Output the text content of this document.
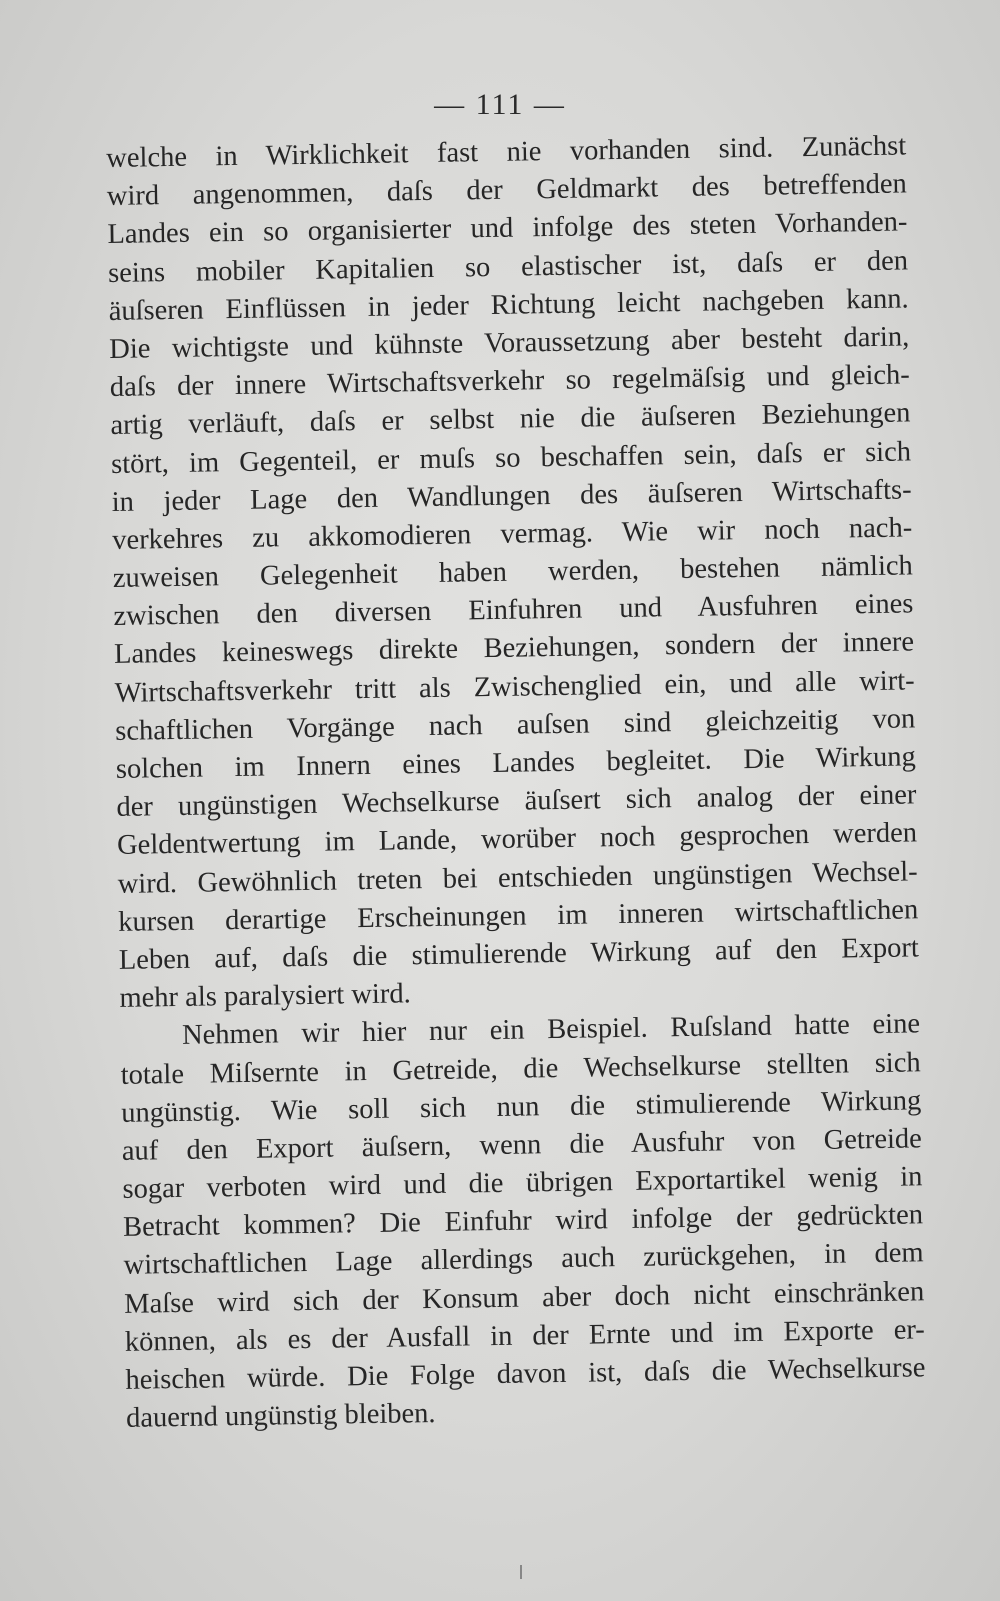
— 111 —
welche in Wirklichkeit fast nie vorhanden sind. Zunächst
wird angenommen, daſs der Geldmarkt des betreffenden
Landes ein so organisierter und infolge des steten Vorhanden-
seins mobiler Kapitalien so elastischer ist, daſs er den
äuſseren Einflüssen in jeder Richtung leicht nachgeben kann.
Die wichtigste und kühnste Voraussetzung aber besteht darin,
daſs der innere Wirtschaftsverkehr so regelmäſsig und gleich-
artig verläuft, daſs er selbst nie die äuſseren Beziehungen
stört, im Gegenteil, er muſs so beschaffen sein, daſs er sich
in jeder Lage den Wandlungen des äuſseren Wirtschafts-
verkehres zu akkomodieren vermag. Wie wir noch nach-
zuweisen Gelegenheit haben werden, bestehen nämlich
zwischen den diversen Einfuhren und Ausfuhren eines
Landes keineswegs direkte Beziehungen, sondern der innere
Wirtschaftsverkehr tritt als Zwischenglied ein, und alle wirt-
schaftlichen Vorgänge nach auſsen sind gleichzeitig von
solchen im Innern eines Landes begleitet. Die Wirkung
der ungünstigen Wechselkurse äuſsert sich analog der einer
Geldentwertung im Lande, worüber noch gesprochen werden
wird. Gewöhnlich treten bei entschieden ungünstigen Wechsel-
kursen derartige Erscheinungen im inneren wirtschaftlichen
Leben auf, daſs die stimulierende Wirkung auf den Export
mehr als paralysiert wird.
Nehmen wir hier nur ein Beispiel. Ruſsland hatte eine
totale Miſsernte in Getreide, die Wechselkurse stellten sich
ungünstig. Wie soll sich nun die stimulierende Wirkung
auf den Export äuſsern, wenn die Ausfuhr von Getreide
sogar verboten wird und die übrigen Exportartikel wenig in
Betracht kommen? Die Einfuhr wird infolge der gedrückten
wirtschaftlichen Lage allerdings auch zurückgehen, in dem
Maſse wird sich der Konsum aber doch nicht einschränken
können, als es der Ausfall in der Ernte und im Exporte er-
heischen würde. Die Folge davon ist, daſs die Wechselkurse
dauernd ungünstig bleiben.
